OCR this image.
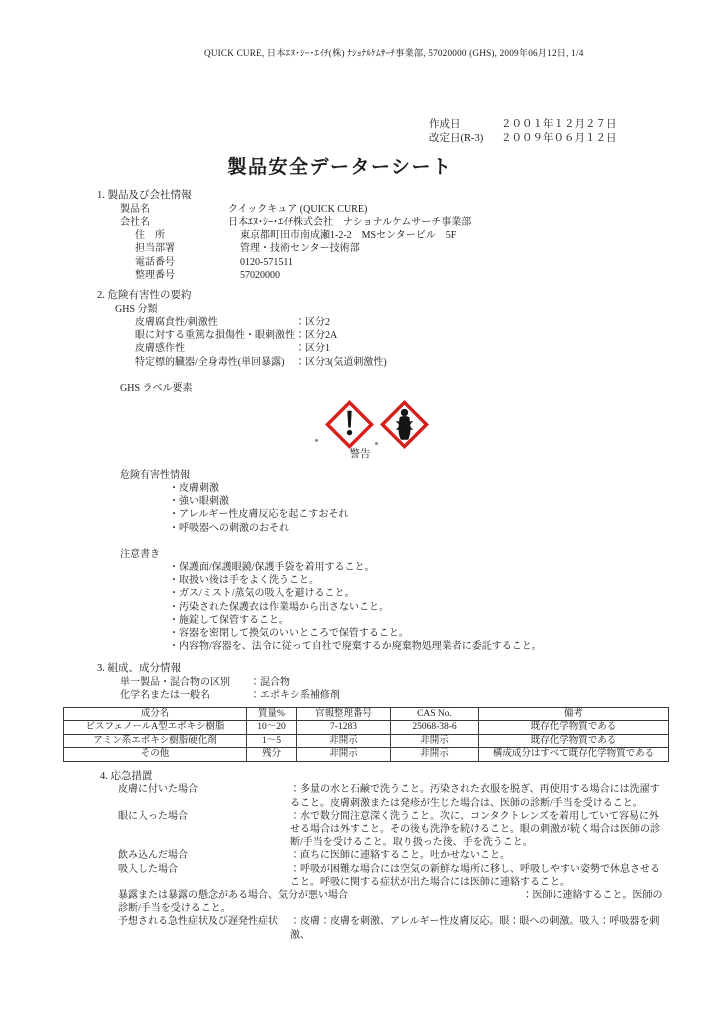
QUICK CURE, 日本ｴﾇ･ｼｰ･ｴｲﾁ(株) ﾅｼｮﾅﾙｹﾑｻｰﾁ事業部, 57020000 (GHS), 2009年06月12日, 1/4
作成日	２００１年１２月２７日
改定日(R-3)	２００９年０６月１２日
製品安全データーシート
1. 製品及び会社情報
製品名	クイックキュア (QUICK CURE)
会社名	日本ｴﾇ･ｼｰ･ｴｲﾁ株式会社　ナショナルケムサーチ事業部
住　所	東京都町田市南成瀬1-2-2　MSセンタービル　5F
担当部署	管理・技術センター技術部
電話番号	0120-571511
整理番号	57020000
2. 危険有害性の要約
GHS 分類
皮膚腐食性/刺激性	：区分2
眼に対する重篤な損傷性・眼刺激性 ：区分2A
皮膚感作性	：区分1
特定標的臓器/全身毒性(単回暴露)	：区分3(気道刺激性)
GHS ラベル要素
警告
危険有害性情報
・皮膚刺激
・強い眼刺激
・アレルギー性皮膚反応を起こすおそれ
・呼吸器への刺激のおそれ
注意書き
・保護面/保護眼鏡/保護手袋を着用すること。
・取扱い後は手をよく洗うこと。
・ガス/ミスト/蒸気の吸入を避けること。
・汚染された保護衣は作業場から出さないこと。
・施錠して保管すること。
・容器を密閉して換気のいいところで保管すること。
・内容物/容器を、法令に従って自社で廃棄するか廃棄物処理業者に委託すること。
3. 組成、成分情報
単一製品・混合物の区別	：混合物
化学名または一般名	：エポキシ系補修剤
成分名	質量%	官報整理番号	CAS No.	備考
ビスフェノールA型エポキシ樹脂	10〜20	7-1283	25068-38-6	既存化学物質である
アミン系エポキシ樹脂硬化剤	1〜5	非開示	非開示	既存化学物質である
その他	残分	非開示	非開示	構成成分はすべて既存化学物質である
4. 応急措置
皮膚に付いた場合	：多量の水と石鹸で洗うこと。汚染された衣服を脱ぎ、再使用する場合には洗濯すること。皮膚刺激または発疹が生じた場合は、医師の診断/手当を受けること。
眼に入った場合	：水で数分間注意深く洗うこと。次に、コンタクトレンズを着用していて容易に外せる場合は外すこと。その後も洗浄を続けること。眼の刺激が続く場合は医師の診断/手当を受けること。取り扱った後、手を洗うこと。
飲み込んだ場合	：直ちに医師に連絡すること。吐かせないこと。
吸入した場合	：呼吸が困難な場合には空気の新鮮な場所に移し、呼吸しやすい姿勢で休息させること。呼吸に関する症状が出た場合には医師に連絡すること。
暴露または暴露の懸念がある場合、気分が悪い場合	：医師に連絡すること。医師の診断/手当を受けること。
予想される急性症状及び遅発性症状	：皮膚：皮膚を刺激、アレルギー性皮膚反応。眼：眼への刺激。吸入：呼吸器を刺激、
